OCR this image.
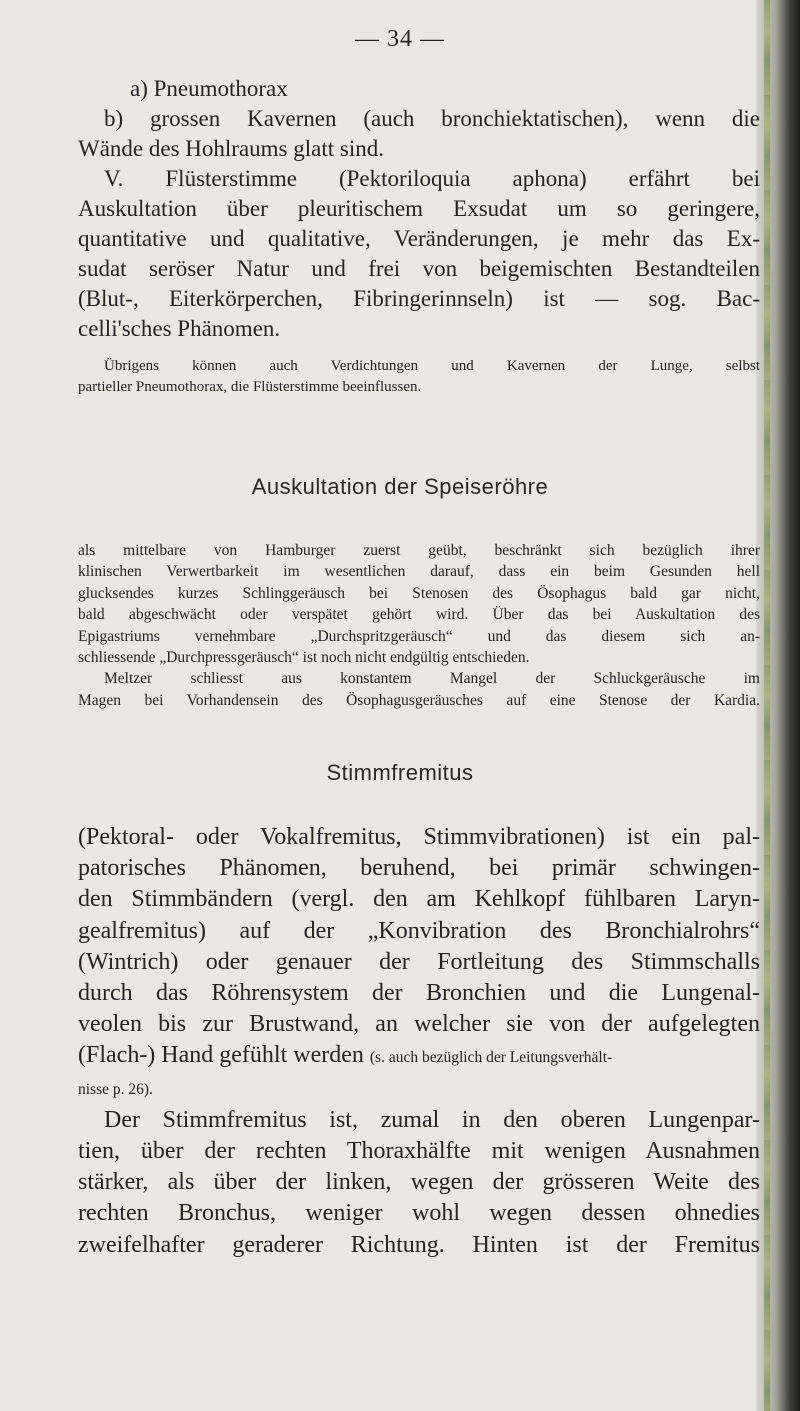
— 34 —
a) Pneumothorax
b) grossen Kavernen (auch bronchiektatischen), wenn die
Wände des Hohlraums glatt sind.
V. Flüsterstimme (Pektoriloquia aphona) erfährt bei
Auskultation über pleuritischem Exsudat um so geringere,
quantitative und qualitative, Veränderungen, je mehr das Ex-
sudat seröser Natur und frei von beigemischten Bestandteilen
(Blut-, Eiterkörperchen, Fibringerinnseln) ist — sog. Bac-
celli'sches Phänomen.
Übrigens können auch Verdichtungen und Kavernen der Lunge, selbst
partieller Pneumothorax, die Flüsterstimme beeinflussen.
Auskultation der Speiseröhre
als mittelbare von Hamburger zuerst geübt, beschränkt sich bezüglich ihrer
klinischen Verwertbarkeit im wesentlichen darauf, dass ein beim Gesunden hell
glucksendes kurzes Schlinggeräusch bei Stenosen des Ösophagus bald gar nicht,
bald abgeschwächt oder verspätet gehört wird. Über das bei Auskultation des
Epigastriums vernehmbare „Durchspritzgeräusch“ und das diesem sich an-
schliessende „Durchpressgeräusch“ ist noch nicht endgültig entschieden.
Meltzer schliesst aus konstantem Mangel der Schluckgeräusche im
Magen bei Vorhandensein des Ösophagusgeräusches auf eine Stenose der Kardia.
Stimmfremitus
(Pektoral- oder Vokalfremitus, Stimmvibrationen) ist ein pal-
patorisches Phänomen, beruhend, bei primär schwingen-
den Stimmbändern (vergl. den am Kehlkopf fühlbaren Laryn-
gealfremitus) auf der „Konvibration des Bronchialrohrs“
(Wintrich) oder genauer der Fortleitung des Stimmschalls
durch das Röhrensystem der Bronchien und die Lungenal-
veolen bis zur Brustwand, an welcher sie von der aufgelegten
(Flach-) Hand gefühlt werden (s. auch bezüglich der Leitungsverhält-
nisse p. 26).
Der Stimmfremitus ist, zumal in den oberen Lungenpar-
tien, über der rechten Thoraxhälfte mit wenigen Ausnahmen
stärker, als über der linken, wegen der grösseren Weite des
rechten Bronchus, weniger wohl wegen dessen ohnedies
zweifelhafter geraderer Richtung. Hinten ist der Fremitus
